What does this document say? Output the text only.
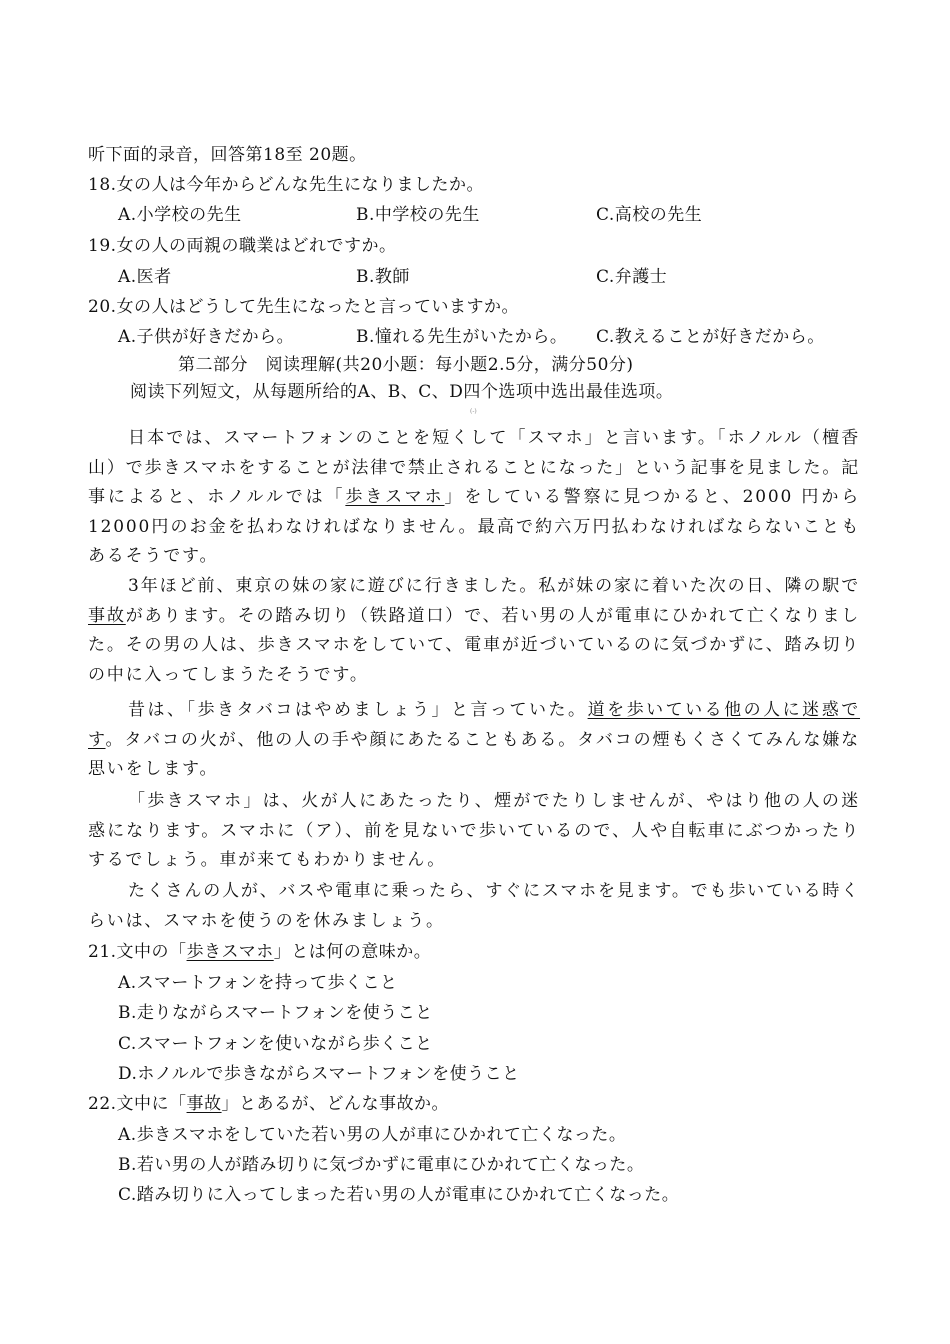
听下面的录音，回答第18至 20题。
18.女の人は今年からどんな先生になりましたか。
A.小学校の先生	B.中学校の先生	C.高校の先生
19.女の人の両親の職業はどれですか。
A.医者	B.教師	C.弁護士
20.女の人はどうして先生になったと言っていますか。
A.子供が好きだから。	B.憧れる先生がいたから。 C.教えることが好きだから。
第二部分　阅读理解(共20小题：每小题2.5分，满分50分)
阅读下列短文，从每题所给的A、B、C、D四个选项中选出最佳选项。
(-)
日本では、スマートフォンのことを短くして「スマホ」と言います。「ホノルル（檀香山）で歩きスマホをすることが法律で禁止されることになった」という記事を見ました。記事によると、ホノルルでは「歩きスマホ」をしている警察に見つかると、2000 円から12000円のお金を払わなければなりません。最高で約六万円払わなければならないこともあるそうです。
3年ほど前、東京の妹の家に遊びに行きました。私が妹の家に着いた次の日、隣の駅で事故があります。その踏み切り（铁路道口）で、若い男の人が電車にひかれて亡くなりました。その男の人は、歩きスマホをしていて、電車が近づいているのに気づかずに、踏み切りの中に入ってしまうたそうです。
昔は、「歩きタバコはやめましょう」と言っていた。道を歩いている他の人に迷惑です。タバコの火が、他の人の手や顔にあたることもある。タバコの煙もくさくてみんな嫌な思いをします。
「歩きスマホ」は、火が人にあたったり、煙がでたりしませんが、やはり他の人の迷惑になります。スマホに（ア）、前を見ないで歩いているので、人や自転車にぶつかったりするでしょう。車が来てもわかりません。
たくさんの人が、バスや電車に乗ったら、すぐにスマホを見ます。でも歩いている時くらいは、スマホを使うのを休みましょう。
21.文中の「歩きスマホ」とは何の意味か。
A.スマートフォンを持って歩くこと
B.走りながらスマートフォンを使うこと
C.スマートフォンを使いながら歩くこと
D.ホノルルで歩きながらスマートフォンを使うこと
22.文中に「事故」とあるが、どんな事故か。
A.歩きスマホをしていた若い男の人が車にひかれて亡くなった。
B.若い男の人が踏み切りに気づかずに電車にひかれて亡くなった。
C.踏み切りに入ってしまった若い男の人が電車にひかれて亡くなった。
